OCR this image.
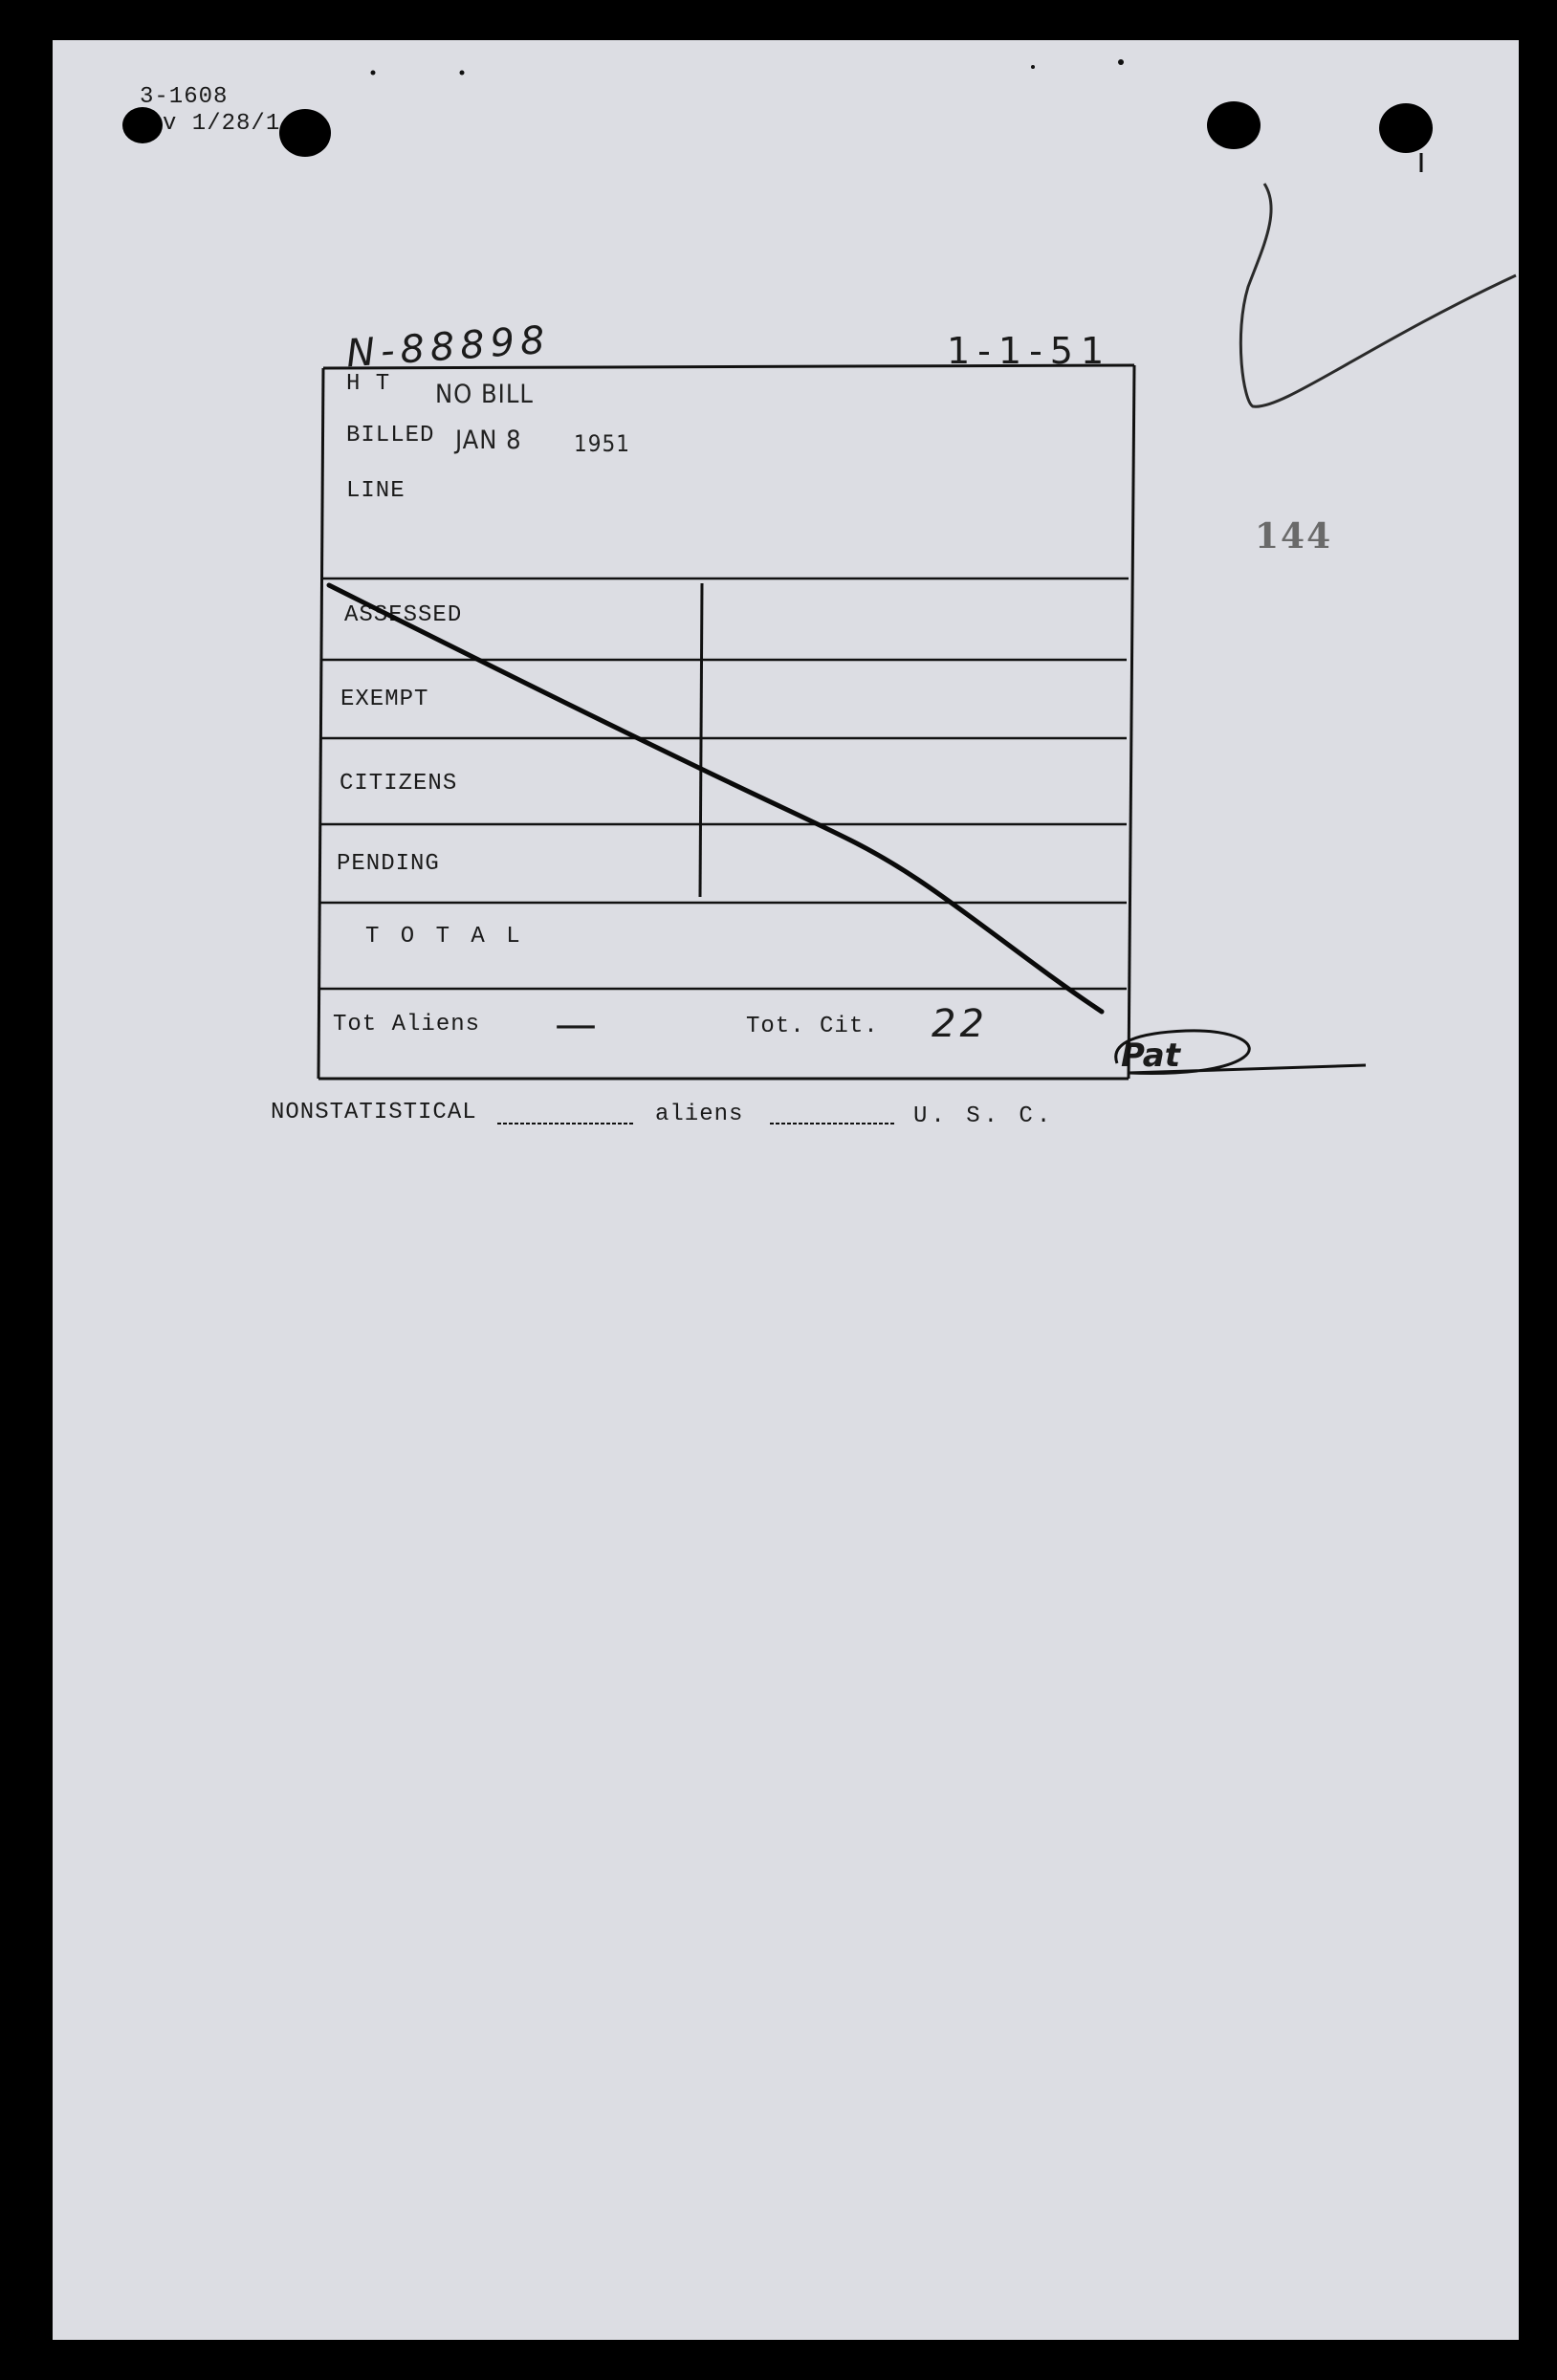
3-1608
v 1/28/1
N-88898	1-1-51
H T NO BILL
BILLED JAN 8 1951
LINE
144
ASSESSED
EXEMPT
CITIZENS
PENDING
T O T A L
Tot Aliens —	Tot. Cit. 22
NONSTATISTICAL	aliens	U. S. C.
Pat
